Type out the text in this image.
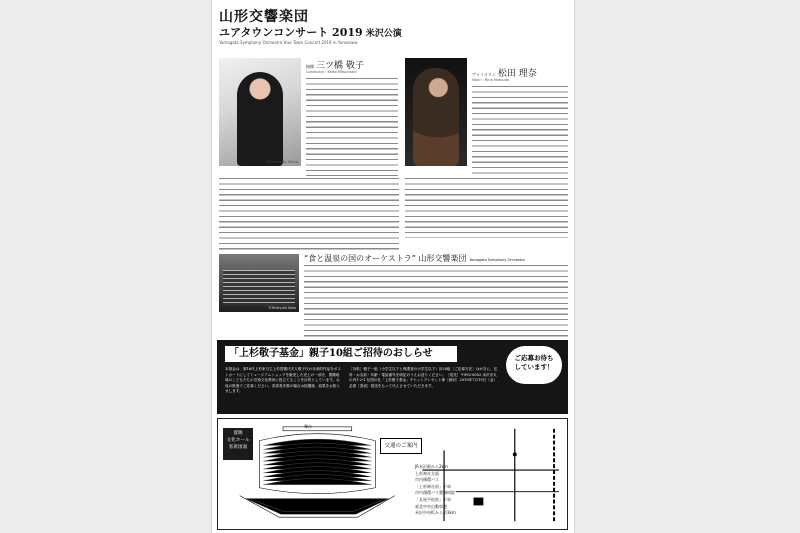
山形交響楽団
ユアタウンコンサート 2019 米沢公演
Yamagata Symphony Orchestra Your Town Concert 2019 in Yonezawa
©Fukuhachi Okuro
指揮 三ツ橋 敬子
Conductor : Keiko Mitsuhashi	ヴァイオリン 松田 理奈
Violin : Rina Matsuda
“食と温泉の国のオーケストラ” 山形交響楽団 Yamagata Symphony Orchestra
©Hideyuki Kato
「上杉敬子基金」親子10組ご招待のおしらせ	ご応募お待ち
しています！

本基金は、第16代上杉家当主上杉国憲氏夫人敬子氏の未来的作品をポストカードにしてミュージアムショップを販売した売上の一部を、置賜地域のこどもたちの芸術文化教育に役立てることを目的としています。お返の推進でご応募ください。希望者多数の場合は抽選後、結果をお知らせします。

［対象］親子一組（小学生以下と保護者の小学生以下）計20組［ご応募方法］はがきに、住所・お名前・年齢・電話番号を明記のうえお送りください。［宛先］〒992-0052 米沢市丸の内1-2-1 伝国の杜「上杉敬子基金」チケットプレゼント係［締切］2019年7月19日（金）必着［発表］発送をもって代えさせていただきます。

置賜
文化ホール
客席図面
舞台
交通のご案内

JR米沢駅から2km
上杉神社方面
市内循環バス
「上杉神社前」下車
市内循環バス置賜病院
「丸屋平松前」下車
東北中央自動車道
米沢中央ICから約3km
